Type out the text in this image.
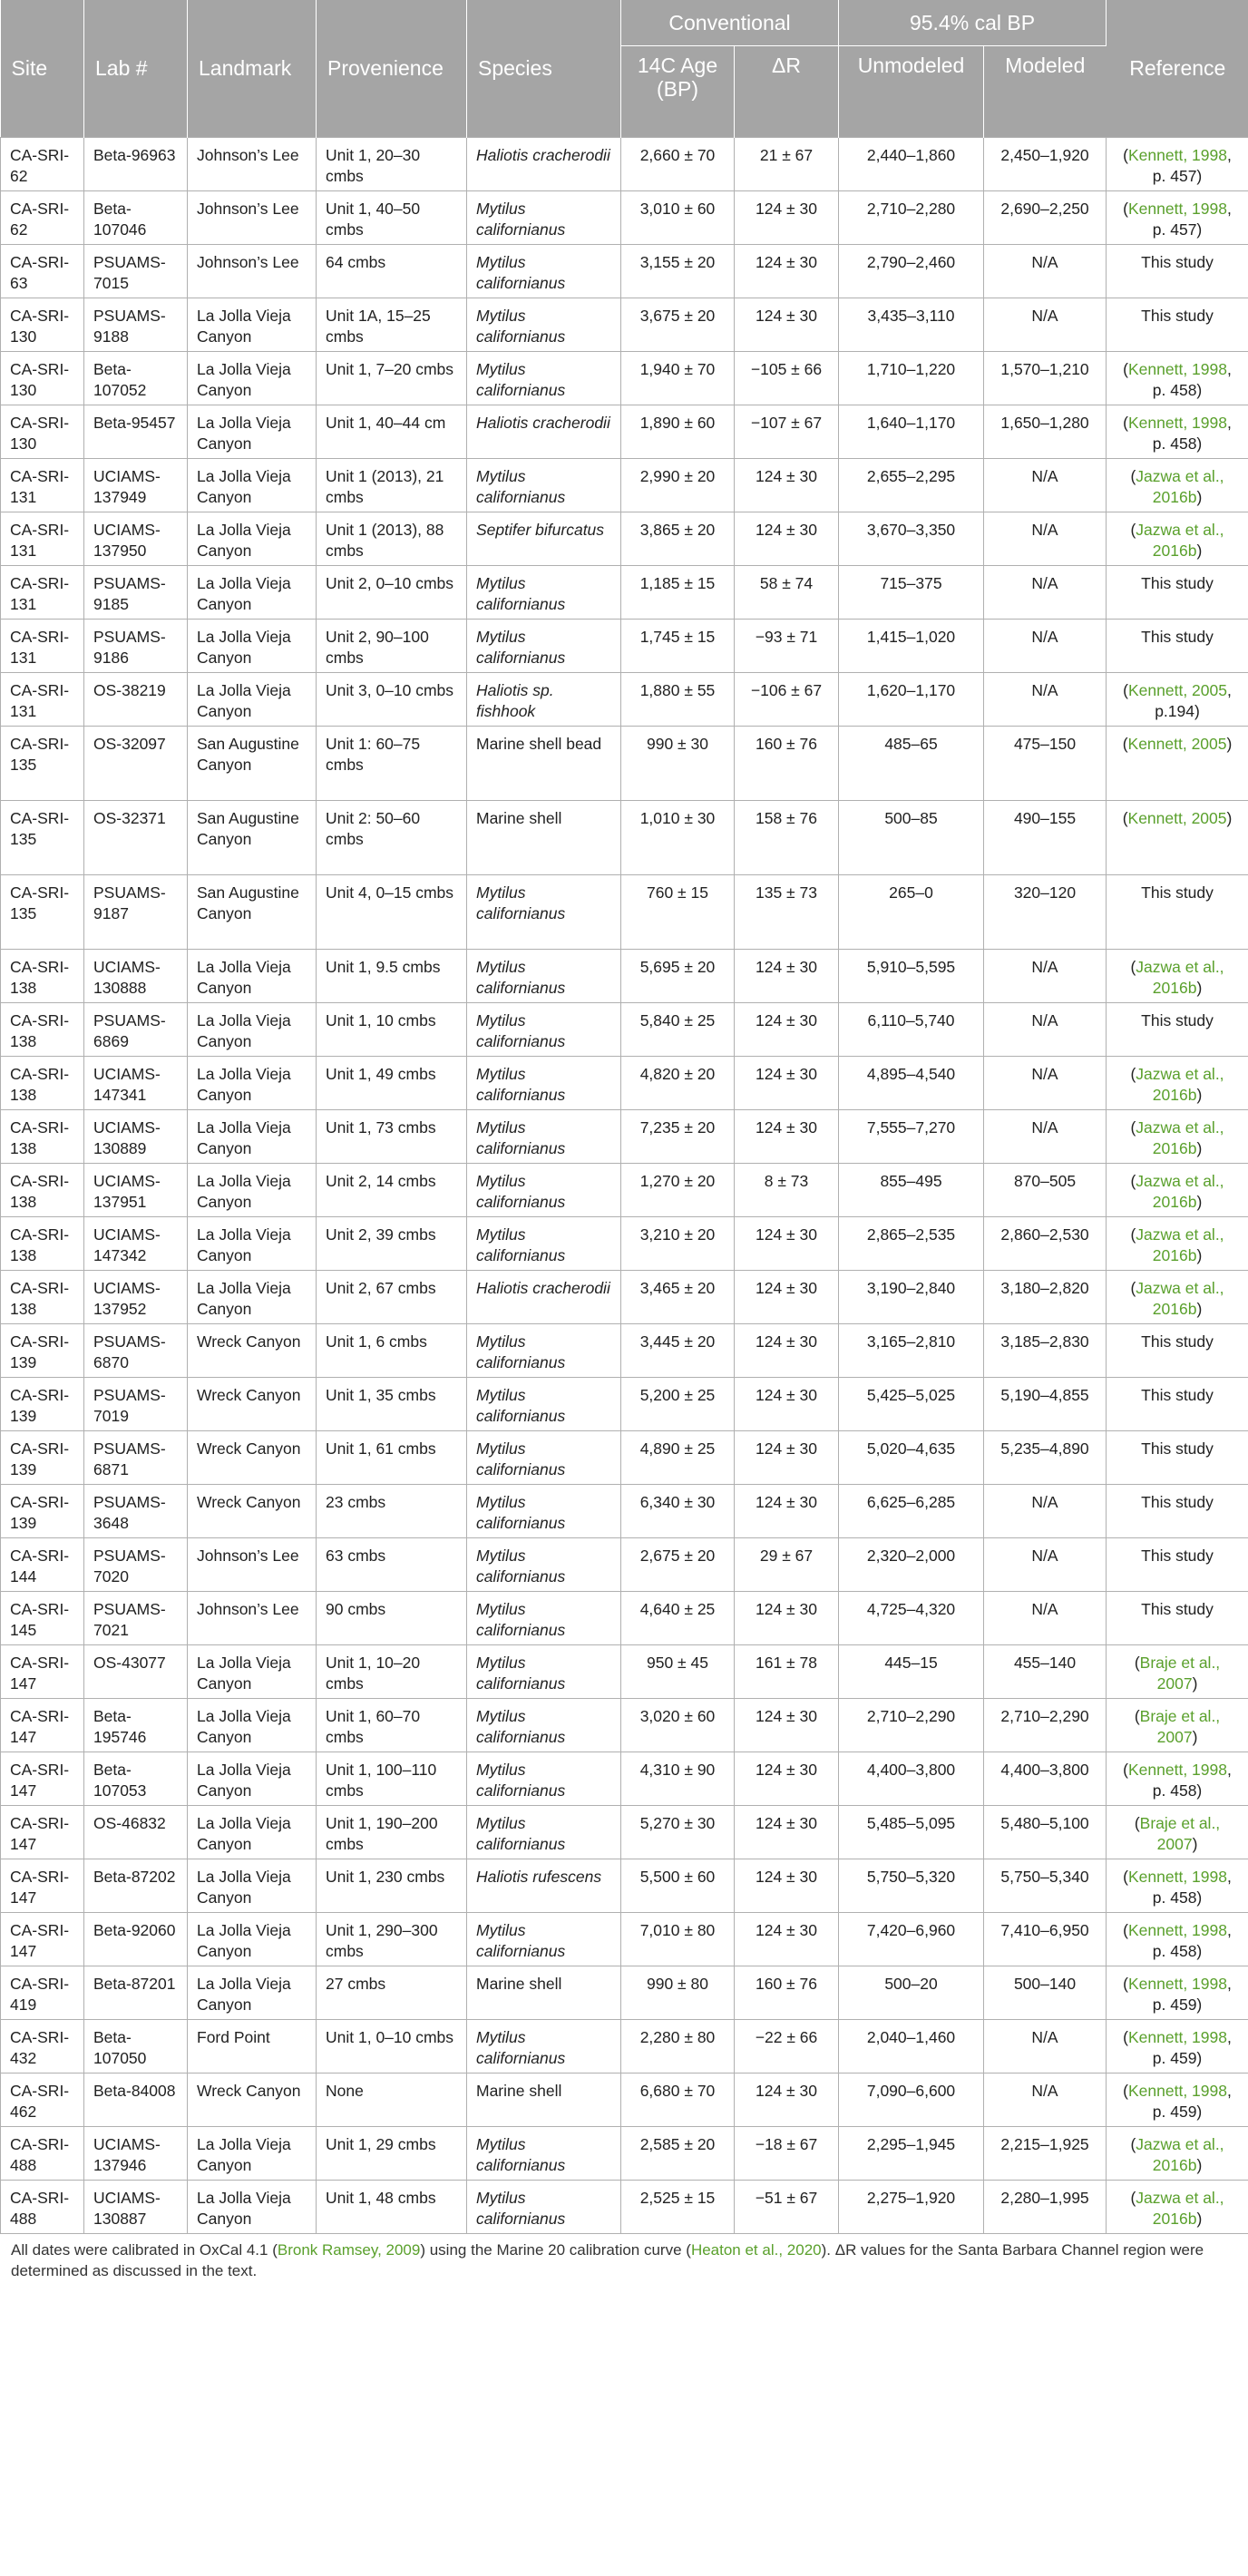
Site	Lab #	Landmark	Provenience	Species	Conventional		95.4% cal BP		Reference
					14C Age (BP)	ΔR	Unmodeled	Modeled	
CA-SRI-62	Beta-96963	Johnson’s Lee	Unit 1, 20–30 cmbs	Haliotis cracherodii	2,660 ± 70	21 ± 67	2,440–1,860	2,450–1,920	(Kennett, 1998, p. 457)
CA-SRI-62	Beta-107046	Johnson’s Lee	Unit 1, 40–50 cmbs	Mytilus californianus	3,010 ± 60	124 ± 30	2,710–2,280	2,690–2,250	(Kennett, 1998, p. 457)
CA-SRI-63	PSUAMS-7015	Johnson’s Lee	64 cmbs	Mytilus californianus	3,155 ± 20	124 ± 30	2,790–2,460	N/A	This study
CA-SRI-130	PSUAMS-9188	La Jolla Vieja Canyon	Unit 1A, 15–25 cmbs	Mytilus californianus	3,675 ± 20	124 ± 30	3,435–3,110	N/A	This study
CA-SRI-130	Beta-107052	La Jolla Vieja Canyon	Unit 1, 7–20 cmbs	Mytilus californianus	1,940 ± 70	−105 ± 66	1,710–1,220	1,570–1,210	(Kennett, 1998, p. 458)
CA-SRI-130	Beta-95457	La Jolla Vieja Canyon	Unit 1, 40–44 cm	Haliotis cracherodii	1,890 ± 60	−107 ± 67	1,640–1,170	1,650–1,280	(Kennett, 1998, p. 458)
CA-SRI-131	UCIAMS-137949	La Jolla Vieja Canyon	Unit 1 (2013), 21 cmbs	Mytilus californianus	2,990 ± 20	124 ± 30	2,655–2,295	N/A	(Jazwa et al., 2016b)
CA-SRI-131	UCIAMS-137950	La Jolla Vieja Canyon	Unit 1 (2013), 88 cmbs	Septifer bifurcatus	3,865 ± 20	124 ± 30	3,670–3,350	N/A	(Jazwa et al., 2016b)
CA-SRI-131	PSUAMS-9185	La Jolla Vieja Canyon	Unit 2, 0–10 cmbs	Mytilus californianus	1,185 ± 15	58 ± 74	715–375	N/A	This study
CA-SRI-131	PSUAMS-9186	La Jolla Vieja Canyon	Unit 2, 90–100 cmbs	Mytilus californianus	1,745 ± 15	−93 ± 71	1,415–1,020	N/A	This study
CA-SRI-131	OS-38219	La Jolla Vieja Canyon	Unit 3, 0–10 cmbs	Haliotis sp. fishhook	1,880 ± 55	−106 ± 67	1,620–1,170	N/A	(Kennett, 2005, p.194)
CA-SRI-135	OS-32097	San Augustine Canyon	Unit 1: 60–75 cmbs	Marine shell bead	990 ± 30	160 ± 76	485–65	475–150	(Kennett, 2005)
CA-SRI-135	OS-32371	San Augustine Canyon	Unit 2: 50–60 cmbs	Marine shell	1,010 ± 30	158 ± 76	500–85	490–155	(Kennett, 2005)
CA-SRI-135	PSUAMS-9187	San Augustine Canyon	Unit 4, 0–15 cmbs	Mytilus californianus	760 ± 15	135 ± 73	265–0	320–120	This study
CA-SRI-138	UCIAMS-130888	La Jolla Vieja Canyon	Unit 1, 9.5 cmbs	Mytilus californianus	5,695 ± 20	124 ± 30	5,910–5,595	N/A	(Jazwa et al., 2016b)
CA-SRI-138	PSUAMS-6869	La Jolla Vieja Canyon	Unit 1, 10 cmbs	Mytilus californianus	5,840 ± 25	124 ± 30	6,110–5,740	N/A	This study
CA-SRI-138	UCIAMS-147341	La Jolla Vieja Canyon	Unit 1, 49 cmbs	Mytilus californianus	4,820 ± 20	124 ± 30	4,895–4,540	N/A	(Jazwa et al., 2016b)
CA-SRI-138	UCIAMS-130889	La Jolla Vieja Canyon	Unit 1, 73 cmbs	Mytilus californianus	7,235 ± 20	124 ± 30	7,555–7,270	N/A	(Jazwa et al., 2016b)
CA-SRI-138	UCIAMS-137951	La Jolla Vieja Canyon	Unit 2, 14 cmbs	Mytilus californianus	1,270 ± 20	8 ± 73	855–495	870–505	(Jazwa et al., 2016b)
CA-SRI-138	UCIAMS-147342	La Jolla Vieja Canyon	Unit 2, 39 cmbs	Mytilus californianus	3,210 ± 20	124 ± 30	2,865–2,535	2,860–2,530	(Jazwa et al., 2016b)
CA-SRI-138	UCIAMS-137952	La Jolla Vieja Canyon	Unit 2, 67 cmbs	Haliotis cracherodii	3,465 ± 20	124 ± 30	3,190–2,840	3,180–2,820	(Jazwa et al., 2016b)
CA-SRI-139	PSUAMS-6870	Wreck Canyon	Unit 1, 6 cmbs	Mytilus californianus	3,445 ± 20	124 ± 30	3,165–2,810	3,185–2,830	This study
CA-SRI-139	PSUAMS-7019	Wreck Canyon	Unit 1, 35 cmbs	Mytilus californianus	5,200 ± 25	124 ± 30	5,425–5,025	5,190–4,855	This study
CA-SRI-139	PSUAMS-6871	Wreck Canyon	Unit 1, 61 cmbs	Mytilus californianus	4,890 ± 25	124 ± 30	5,020–4,635	5,235–4,890	This study
CA-SRI-139	PSUAMS-3648	Wreck Canyon	23 cmbs	Mytilus californianus	6,340 ± 30	124 ± 30	6,625–6,285	N/A	This study
CA-SRI-144	PSUAMS-7020	Johnson’s Lee	63 cmbs	Mytilus californianus	2,675 ± 20	29 ± 67	2,320–2,000	N/A	This study
CA-SRI-145	PSUAMS-7021	Johnson’s Lee	90 cmbs	Mytilus californianus	4,640 ± 25	124 ± 30	4,725–4,320	N/A	This study
CA-SRI-147	OS-43077	La Jolla Vieja Canyon	Unit 1, 10–20 cmbs	Mytilus californianus	950 ± 45	161 ± 78	445–15	455–140	(Braje et al., 2007)
CA-SRI-147	Beta-195746	La Jolla Vieja Canyon	Unit 1, 60–70 cmbs	Mytilus californianus	3,020 ± 60	124 ± 30	2,710–2,290	2,710–2,290	(Braje et al., 2007)
CA-SRI-147	Beta-107053	La Jolla Vieja Canyon	Unit 1, 100–110 cmbs	Mytilus californianus	4,310 ± 90	124 ± 30	4,400–3,800	4,400–3,800	(Kennett, 1998, p. 458)
CA-SRI-147	OS-46832	La Jolla Vieja Canyon	Unit 1, 190–200 cmbs	Mytilus californianus	5,270 ± 30	124 ± 30	5,485–5,095	5,480–5,100	(Braje et al., 2007)
CA-SRI-147	Beta-87202	La Jolla Vieja Canyon	Unit 1, 230 cmbs	Haliotis rufescens	5,500 ± 60	124 ± 30	5,750–5,320	5,750–5,340	(Kennett, 1998, p. 458)
CA-SRI-147	Beta-92060	La Jolla Vieja Canyon	Unit 1, 290–300 cmbs	Mytilus californianus	7,010 ± 80	124 ± 30	7,420–6,960	7,410–6,950	(Kennett, 1998, p. 458)
CA-SRI-419	Beta-87201	La Jolla Vieja Canyon	27 cmbs	Marine shell	990 ± 80	160 ± 76	500–20	500–140	(Kennett, 1998, p. 459)
CA-SRI-432	Beta-107050	Ford Point	Unit 1, 0–10 cmbs	Mytilus californianus	2,280 ± 80	−22 ± 66	2,040–1,460	N/A	(Kennett, 1998, p. 459)
CA-SRI-462	Beta-84008	Wreck Canyon	None	Marine shell	6,680 ± 70	124 ± 30	7,090–6,600	N/A	(Kennett, 1998, p. 459)
CA-SRI-488	UCIAMS-137946	La Jolla Vieja Canyon	Unit 1, 29 cmbs	Mytilus californianus	2,585 ± 20	−18 ± 67	2,295–1,945	2,215–1,925	(Jazwa et al., 2016b)
CA-SRI-488	UCIAMS-130887	La Jolla Vieja Canyon	Unit 1, 48 cmbs	Mytilus californianus	2,525 ± 15	−51 ± 67	2,275–1,920	2,280–1,995	(Jazwa et al., 2016b)
All dates were calibrated in OxCal 4.1 (Bronk Ramsey, 2009) using the Marine 20 calibration curve (Heaton et al., 2020). ΔR values for the Santa Barbara Channel region were determined as discussed in the text.
